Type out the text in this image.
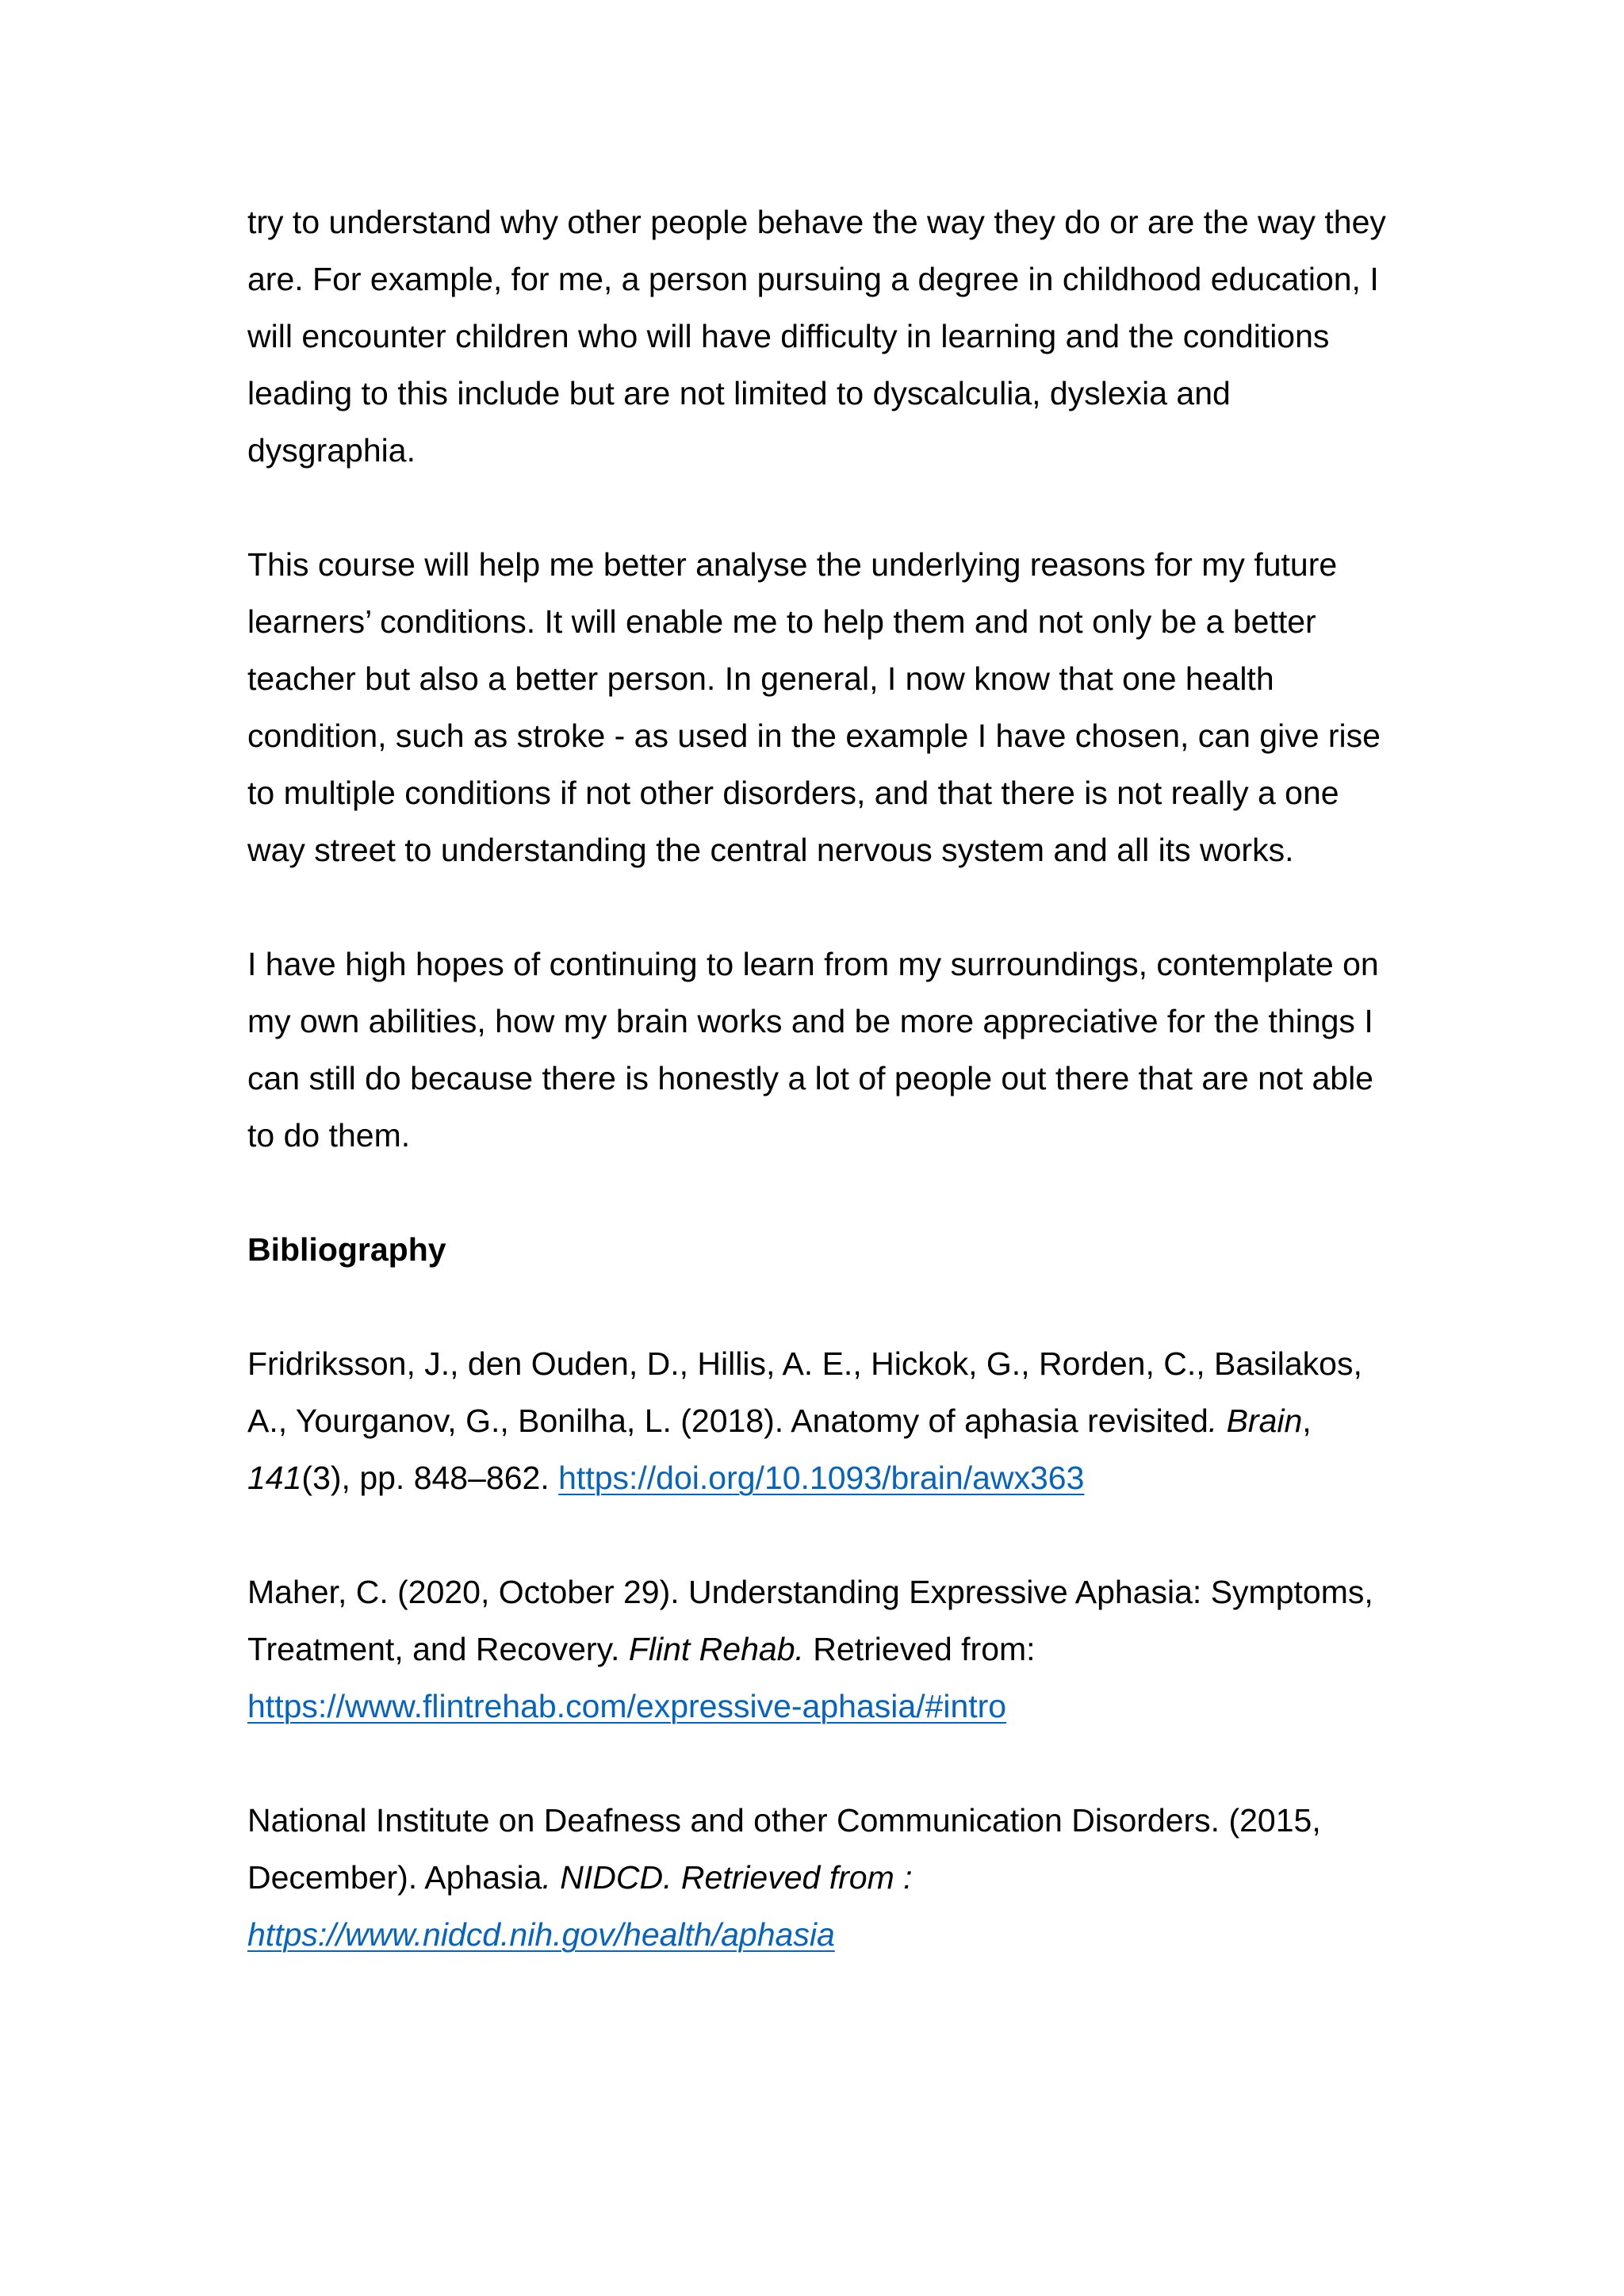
try to understand why other people behave the way they do or are the way they are. For example, for me, a person pursuing a degree in childhood education, I will encounter children who will have difficulty in learning and the conditions leading to this include but are not limited to dyscalculia, dyslexia and dysgraphia.

This course will help me better analyse the underlying reasons for my future learners’ conditions. It will enable me to help them and not only be a better teacher but also a better person. In general, I now know that one health condition, such as stroke - as used in the example I have chosen, can give rise to multiple conditions if not other disorders, and that there is not really a one way street to understanding the central nervous system and all its works.

I have high hopes of continuing to learn from my surroundings, contemplate on my own abilities, how my brain works and be more appreciative for the things I can still do because there is honestly a lot of people out there that are not able to do them.

Bibliography

Fridriksson, J., den Ouden, D., Hillis, A. E., Hickok, G., Rorden, C., Basilakos, A., Yourganov, G., Bonilha, L. (2018). Anatomy of aphasia revisited. Brain, 141(3), pp. 848–862. https://doi.org/10.1093/brain/awx363

Maher, C. (2020, October 29). Understanding Expressive Aphasia: Symptoms, Treatment, and Recovery. Flint Rehab. Retrieved from:
https://www.flintrehab.com/expressive-aphasia/#intro

National Institute on Deafness and other Communication Disorders. (2015, December). Aphasia. NIDCD. Retrieved from :
https://www.nidcd.nih.gov/health/aphasia
